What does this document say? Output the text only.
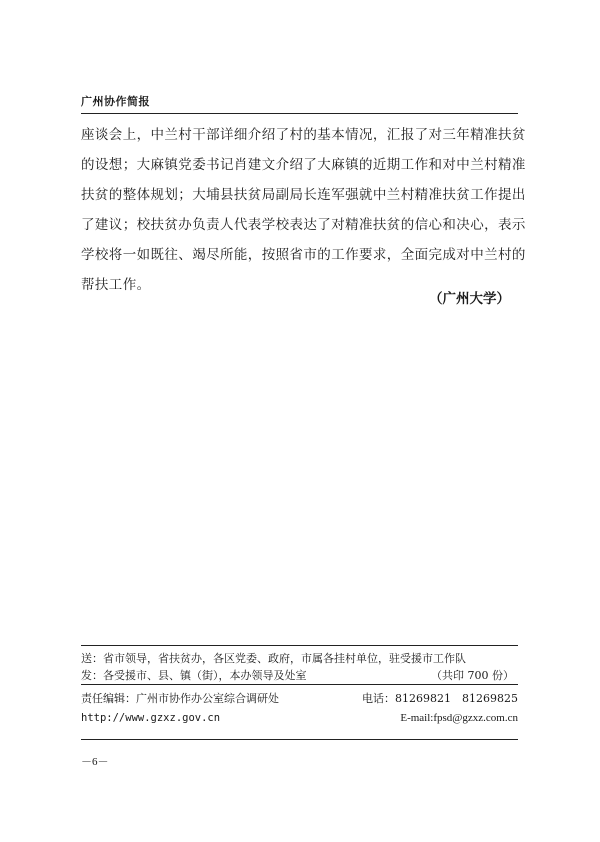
广州协作简报

座谈会上，中兰村干部详细介绍了村的基本情况，汇报了对三年精准扶贫
的设想；大麻镇党委书记肖建文介绍了大麻镇的近期工作和对中兰村精准
扶贫的整体规划；大埔县扶贫局副局长连军强就中兰村精准扶贫工作提出
了建议；校扶贫办负责人代表学校表达了对精准扶贫的信心和决心，表示
学校将一如既往、竭尽所能，按照省市的工作要求，全面完成对中兰村的
帮扶工作。

（广州大学）
送：省市领导，省扶贫办，各区党委、政府，市属各挂村单位，驻受援市工作队
发：各受援市、县、镇（街），本办领导及处室	（共印 700 份）
责任编辑：广州市协作办公室综合调研处	电话：81269821　81269825
http://www.gzxz.gov.cn	E-mail:fpsd@gzxz.com.cn
－6－
